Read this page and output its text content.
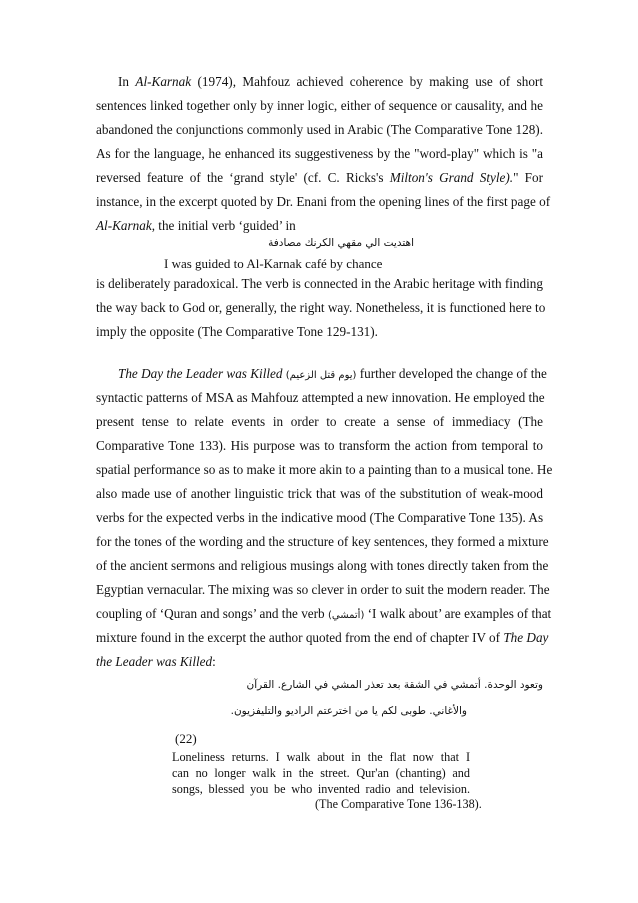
In Al-Karnak (1974), Mahfouz achieved coherence by making use of short
sentences linked together only by inner logic, either of sequence or causality, and he
abandoned the conjunctions commonly used in Arabic (The Comparative Tone 128).
As for the language, he enhanced its suggestiveness by the "word-play" which is "a
reversed feature of the ‘grand style' (cf. C. Ricks's Milton's Grand Style)." For
instance, in the excerpt quoted by Dr. Enani from the opening lines of the first page of
Al-Karnak, the initial verb ‘guided’ in
اهتديت الي مقهي الكرنك مصادفة
I was guided to Al-Karnak café by chance
is deliberately paradoxical. The verb is connected in the Arabic heritage with finding
the way back to God or, generally, the right way. Nonetheless, it is functioned here to
imply the opposite (The Comparative Tone 129-131).
The Day the Leader was Killed (يوم قتل الزعيم) further developed the change of the
syntactic patterns of MSA as Mahfouz attempted a new innovation. He employed the
present tense to relate events in order to create a sense of immediacy (The
Comparative Tone 133). His purpose was to transform the action from temporal to
spatial performance so as to make it more akin to a painting than to a musical tone. He
also made use of another linguistic trick that was of the substitution of weak-mood
verbs for the expected verbs in the indicative mood (The Comparative Tone 135). As
for the tones of the wording and the structure of key sentences, they formed a mixture
of the ancient sermons and religious musings along with tones directly taken from the
Egyptian vernacular. The mixing was so clever in order to suit the modern reader. The
coupling of ‘Quran and songs’ and the verb (أتمشي) ‘I walk about’ are examples of that
mixture found in the excerpt the author quoted from the end of chapter IV of The Day
the Leader was Killed:
وتعود الوحدة. أتمشي في الشقة بعد تعذر المشي في الشارع. القرآن
والأغاني. طوبى لكم يا من اخترعتم الراديو والتليفزيون.
(22)
Loneliness returns. I walk about in the flat now that I
can no longer walk in the street. Qur'an (chanting) and
songs, blessed you be who invented radio and television.
(The Comparative Tone 136-138).
